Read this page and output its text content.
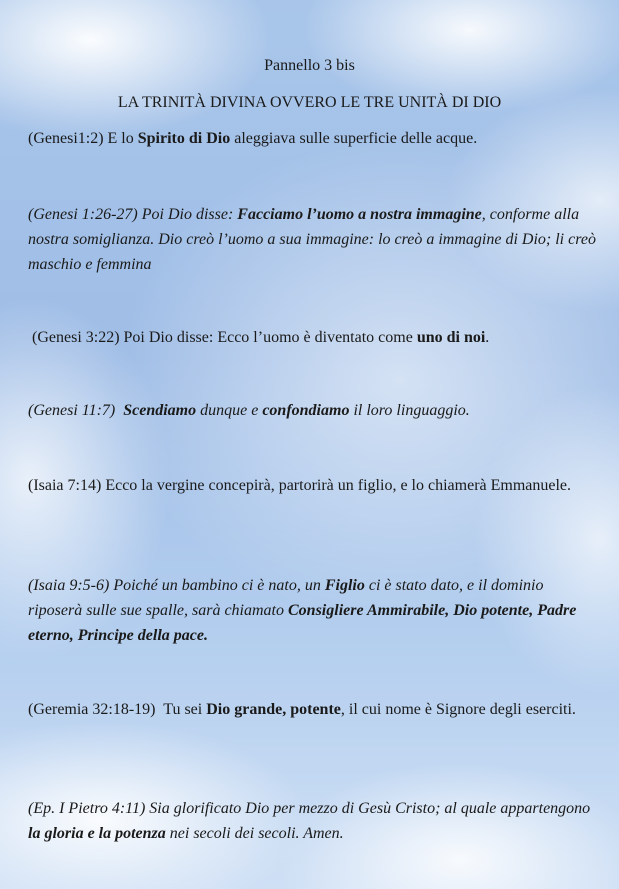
Pannello 3 bis
LA TRINITÀ DIVINA OVVERO LE TRE UNITÀ DI DIO

(Genesi1:2) E lo Spirito di Dio aleggiava sulle superficie delle acque.

(Genesi 1:26-27) Poi Dio disse: Facciamo l’uomo a nostra immagine, conforme alla nostra somiglianza. Dio creò l’uomo a sua immagine: lo creò a immagine di Dio; li creò maschio e femmina

(Genesi 3:22) Poi Dio disse: Ecco l’uomo è diventato come uno di noi.

(Genesi 11:7) Scendiamo dunque e confondiamo il loro linguaggio.

(Isaia 7:14) Ecco la vergine concepirà, partorirà un figlio, e lo chiamerà Emmanuele.

(Isaia 9:5-6) Poiché un bambino ci è nato, un Figlio ci è stato dato, e il dominio riposerà sulle sue spalle, sarà chiamato Consigliere Ammirabile, Dio potente, Padre eterno, Principe della pace.

(Geremia 32:18-19)  Tu sei Dio grande, potente, il cui nome è Signore degli eserciti.

(Ep. I Pietro 4:11) Sia glorificato Dio per mezzo di Gesù Cristo; al quale appartengono la gloria e la potenza nei secoli dei secoli. Amen.
